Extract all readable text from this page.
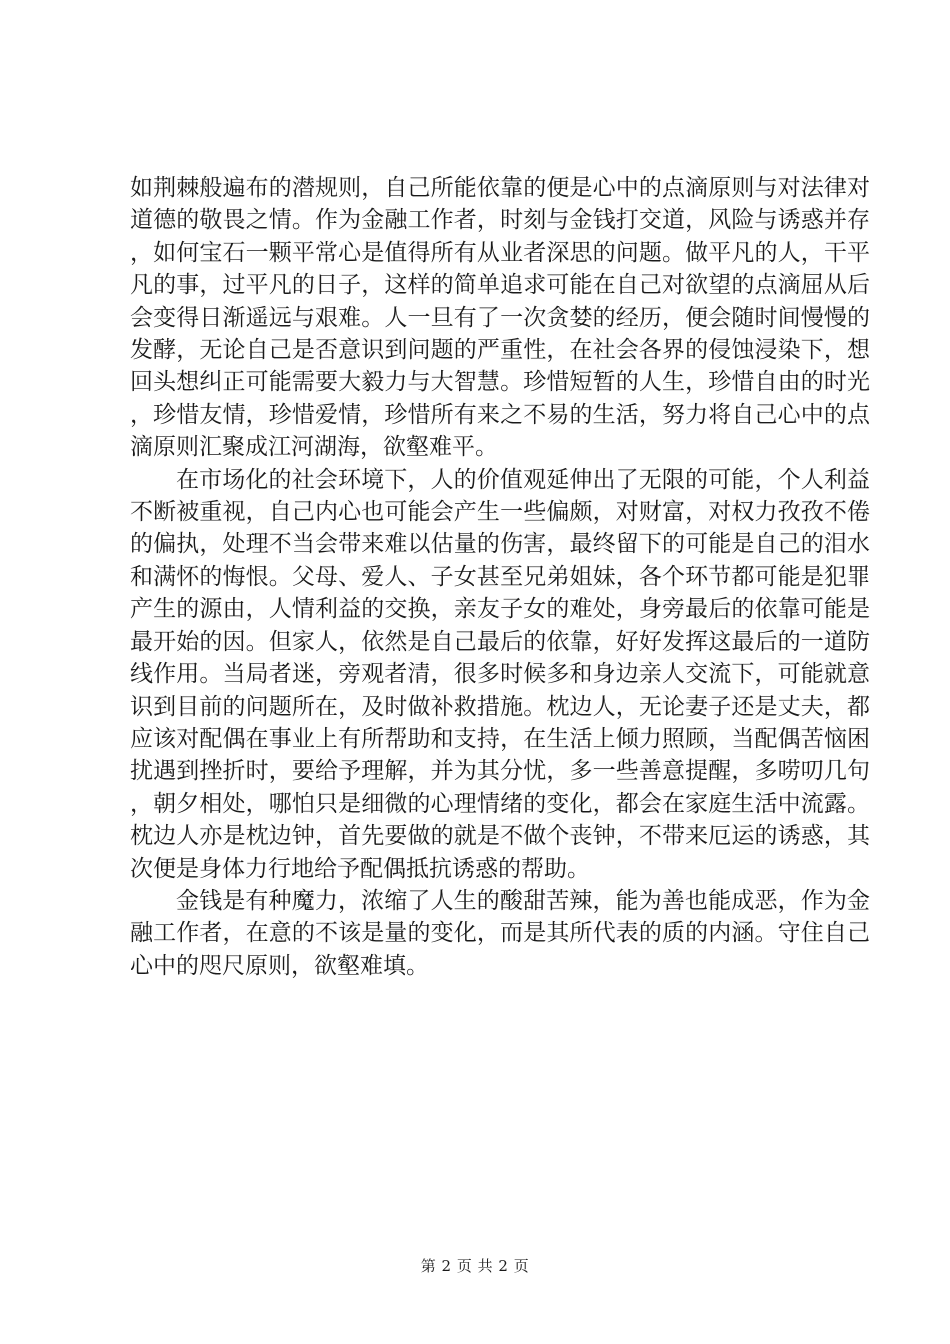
如荆棘般遍布的潜规则，自己所能依靠的便是心中的点滴原则与对法律对道德的敬畏之情。作为金融工作者，时刻与金钱打交道，风险与诱惑并存，如何宝石一颗平常心是值得所有从业者深思的问题。做平凡的人，干平凡的事，过平凡的日子，这样的简单追求可能在自己对欲望的点滴屈从后会变得日渐遥远与艰难。人一旦有了一次贪婪的经历，便会随时间慢慢的发酵，无论自己是否意识到问题的严重性，在社会各界的侵蚀浸染下，想回头想纠正可能需要大毅力与大智慧。珍惜短暂的人生，珍惜自由的时光，珍惜友情，珍惜爱情，珍惜所有来之不易的生活，努力将自己心中的点滴原则汇聚成江河湖海，欲壑难平。

在市场化的社会环境下，人的价值观延伸出了无限的可能，个人利益不断被重视，自己内心也可能会产生一些偏颇，对财富，对权力孜孜不倦的偏执，处理不当会带来难以估量的伤害，最终留下的可能是自己的泪水和满怀的悔恨。父母、爱人、子女甚至兄弟姐妹，各个环节都可能是犯罪产生的源由，人情利益的交换，亲友子女的难处，身旁最后的依靠可能是最开始的因。但家人，依然是自己最后的依靠，好好发挥这最后的一道防线作用。当局者迷，旁观者清，很多时候多和身边亲人交流下，可能就意识到目前的问题所在，及时做补救措施。枕边人，无论妻子还是丈夫，都应该对配偶在事业上有所帮助和支持，在生活上倾力照顾，当配偶苦恼困扰遇到挫折时，要给予理解，并为其分忧，多一些善意提醒，多唠叨几句，朝夕相处，哪怕只是细微的心理情绪的变化，都会在家庭生活中流露。枕边人亦是枕边钟，首先要做的就是不做个丧钟，不带来厄运的诱惑，其次便是身体力行地给予配偶抵抗诱惑的帮助。

金钱是有种魔力，浓缩了人生的酸甜苦辣，能为善也能成恶，作为金融工作者，在意的不该是量的变化，而是其所代表的质的内涵。守住自己心中的咫尺原则，欲壑难填。

第 2 页 共 2 页
